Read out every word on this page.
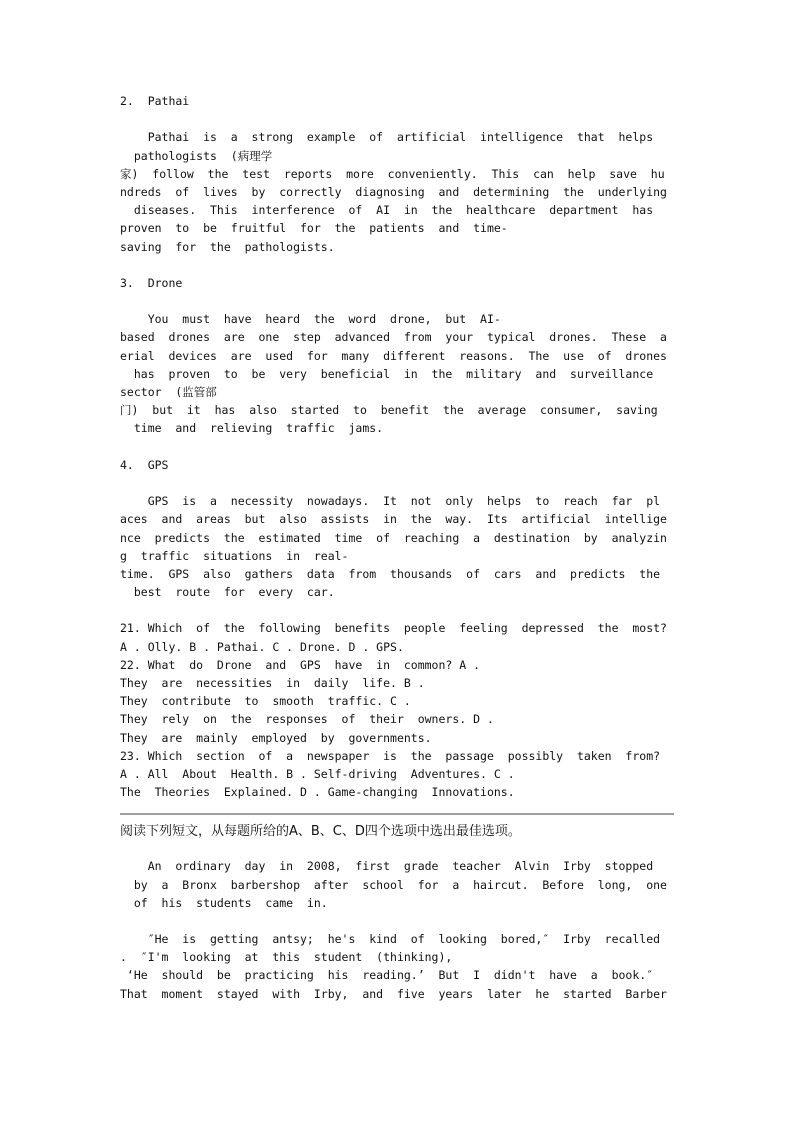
2.  Pathai
Pathai  is  a  strong  example  of  artificial  intelligence  that  helps
pathologists  (病理学
家)  follow  the  test  reports  more  conveniently.  This  can  help  save  hu
ndreds  of  lives  by  correctly  diagnosing  and  determining  the  underlying
diseases.  This  interference  of  AI  in  the  healthcare  department  has
proven  to  be  fruitful  for  the  patients  and  time-
saving  for  the  pathologists.
3.  Drone
You  must  have  heard  the  word  drone,  but  AI-
based  drones  are  one  step  advanced  from  your  typical  drones.  These  a
erial  devices  are  used  for  many  different  reasons.  The  use  of  drones
has  proven  to  be  very  beneficial  in  the  military  and  surveillance
sector  (监管部
门)  but  it  has  also  started  to  benefit  the  average  consumer,  saving
time  and  relieving  traffic  jams.
4.  GPS
GPS  is  a  necessity  nowadays.  It  not  only  helps  to  reach  far  pl
aces  and  areas  but  also  assists  in  the  way.  Its  artificial  intellige
nce  predicts  the  estimated  time  of  reaching  a  destination  by  analyzin
g  traffic  situations  in  real-
time.  GPS  also  gathers  data  from  thousands  of  cars  and  predicts  the
best  route  for  every  car.
21. Which  of  the  following  benefits  people  feeling  depressed  the  most?
A . Olly. B . Pathai. C . Drone. D . GPS.
22. What  do  Drone  and  GPS  have  in  common? A .
They  are  necessities  in  daily  life. B .
They  contribute  to  smooth  traffic. C .
They  rely  on  the  responses  of  their  owners. D .
They  are  mainly  employed  by  governments.
23. Which  section  of  a  newspaper  is  the  passage  possibly  taken  from?
A . All  About  Health. B . Self-driving  Adventures. C .
The  Theories  Explained. D . Game-changing  Innovations.
阅读下列短文，从每题所给的A、B、C、D四个选项中选出最佳选项。
An  ordinary  day  in  2008,  first  grade  teacher  Alvin  Irby  stopped
by  a  Bronx  barbershop  after  school  for  a  haircut.  Before  long,  one
of  his  students  came  in.
″He  is  getting  antsy;  he's  kind  of  looking  bored,″  Irby  recalled
.  ″I'm  looking  at  this  student  (thinking),
‘He  should  be  practicing  his  reading.’  But  I  didn't  have  a  book.″
That  moment  stayed  with  Irby,  and  five  years  later  he  started  Barber
